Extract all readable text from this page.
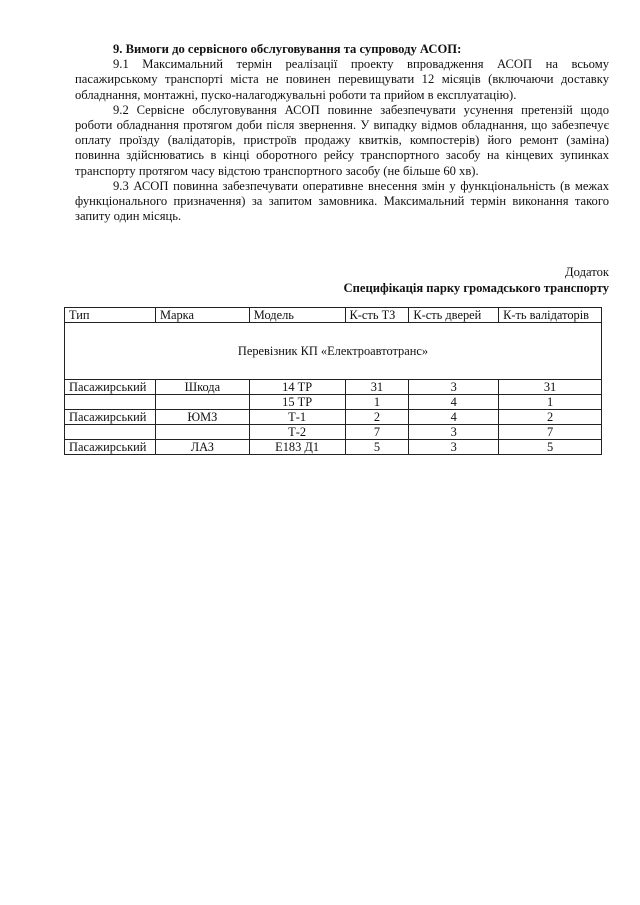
9. Вимоги до сервісного обслуговування та супроводу АСОП:

9.1 Максимальний термін реалізації проекту впровадження АСОП на всьому пасажирському транспорті міста не повинен перевищувати 12 місяців (включаючи доставку обладнання, монтажні, пуско-налагоджувальні роботи та прийом в експлуатацію).

9.2 Сервісне обслуговування АСОП повинне забезпечувати усунення претензій щодо роботи обладнання протягом доби після звернення. У випадку відмов обладнання, що забезпечує оплату проїзду (валідаторів, пристроїв продажу квитків, компостерів) його ремонт (заміна) повинна здійснюватись в кінці оборотного рейсу транспортного засобу на кінцевих зупинках транспорту протягом часу відстою транспортного засобу (не більше 60 хв).

9.3 АСОП повинна забезпечувати оперативне внесення змін у функціональність (в межах функціонального призначення) за запитом замовника. Максимальний термін виконання такого запиту один місяць.

Додаток
Специфікація парку громадського транспорту
Тип	Марка	Модель	К-сть ТЗ	К-сть дверей	К-ть валідаторів
Перевізник КП «Електроавтотранс»					
Пасажирський	Шкода	14 ТР	31	3	31
		15 ТР	1	4	1
Пасажирський	ЮМЗ	Т-1	2	4	2
		Т-2	7	3	7
Пасажирський	ЛАЗ	Е183 Д1	5	3	5
